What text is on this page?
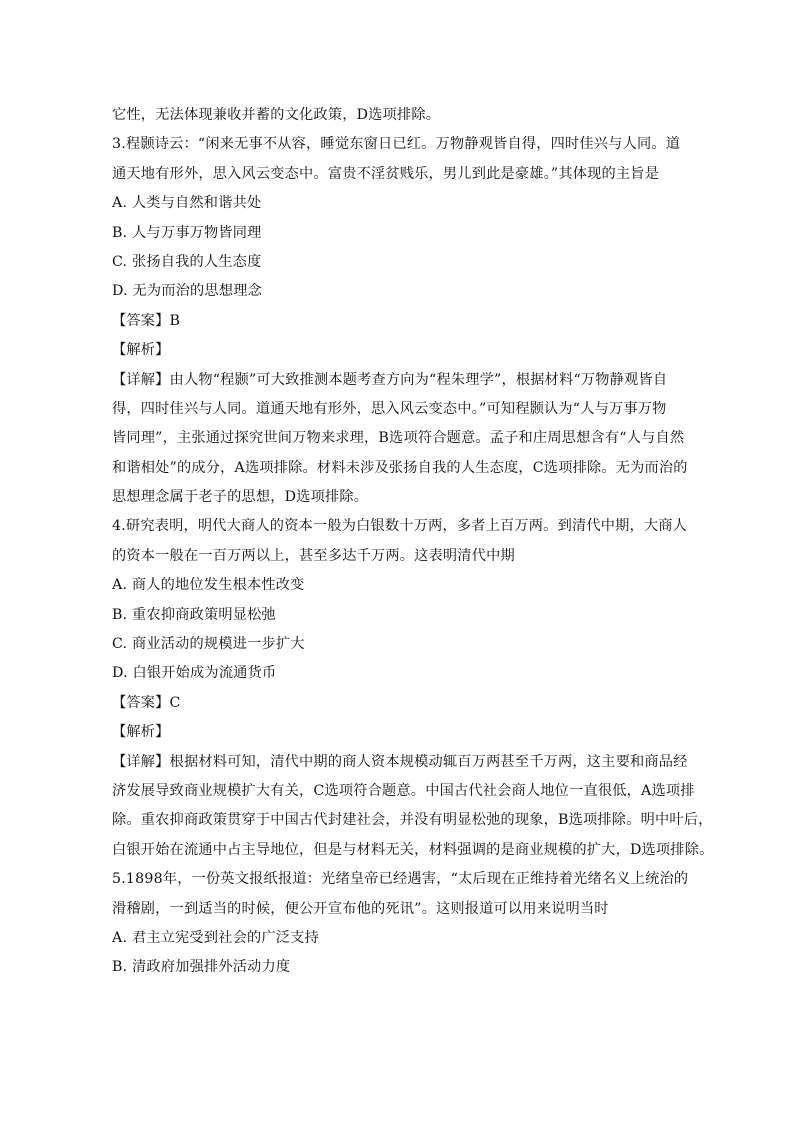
它性，无法体现兼收并蓄的文化政策，D选项排除。
3.程颢诗云：“闲来无事不从容，睡觉东窗日已红。万物静观皆自得，四时佳兴与人同。道
通天地有形外，思入风云变态中。富贵不淫贫贱乐，男儿到此是豪雄。”其体现的主旨是
A. 人类与自然和谐共处
B. 人与万事万物皆同理
C. 张扬自我的人生态度
D. 无为而治的思想理念
【答案】B
【解析】
【详解】由人物“程颢”可大致推测本题考查方向为“程朱理学”，根据材料“万物静观皆自
得，四时佳兴与人同。道通天地有形外，思入风云变态中。”可知程颢认为“人与万事万物
皆同理”，主张通过探究世间万物来求理，B选项符合题意。孟子和庄周思想含有“人与自然
和谐相处”的成分，A选项排除。材料未涉及张扬自我的人生态度，C选项排除。无为而治的
思想理念属于老子的思想，D选项排除。
4.研究表明，明代大商人的资本一般为白银数十万两，多者上百万两。到清代中期，大商人
的资本一般在一百万两以上，甚至多达千万两。这表明清代中期
A. 商人的地位发生根本性改变
B. 重农抑商政策明显松弛
C. 商业活动的规模进一步扩大
D. 白银开始成为流通货币
【答案】C
【解析】
【详解】根据材料可知，清代中期的商人资本规模动辄百万两甚至千万两，这主要和商品经
济发展导致商业规模扩大有关，C选项符合题意。中国古代社会商人地位一直很低，A选项排
除。重农抑商政策贯穿于中国古代封建社会，并没有明显松弛的现象，B选项排除。明中叶后，
白银开始在流通中占主导地位，但是与材料无关，材料强调的是商业规模的扩大，D选项排除。
5.1898年，一份英文报纸报道：光绪皇帝已经遇害，“太后现在正维持着光绪名义上统治的
滑稽剧，一到适当的时候，便公开宣布他的死讯”。这则报道可以用来说明当时
A. 君主立宪受到社会的广泛支持
B. 清政府加强排外活动力度
